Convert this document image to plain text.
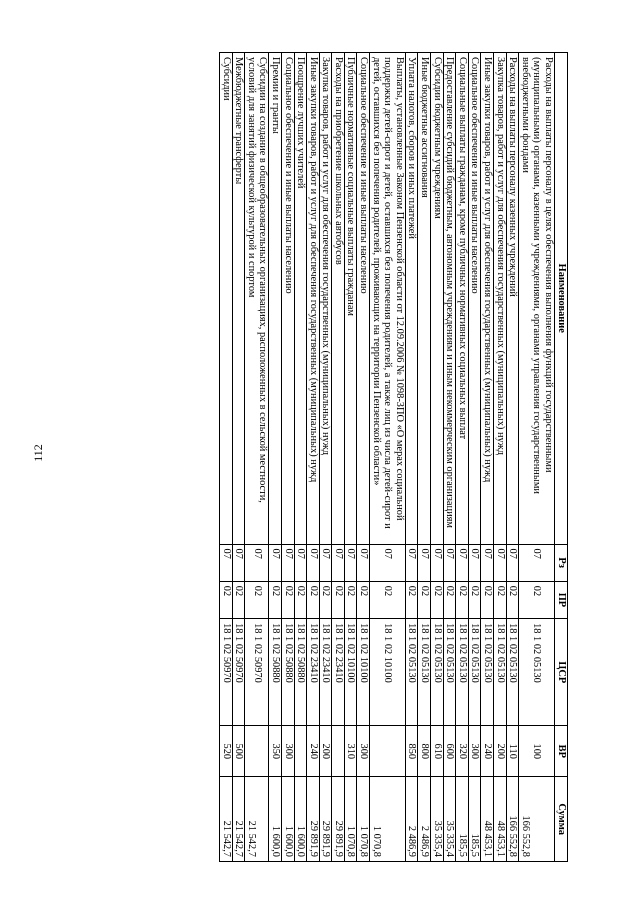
112
Наименование	Рз	ПР	ЦСР	ВР	Сумма
Расходы на выплаты персоналу в целях обеспечения выполнения функций государственными (муниципальными) органами, казенными учреждениями, органами управления государственными внебюджетными фондами	07	02	18 1 02 05130	100	166 552,8
Расходы на выплаты персоналу казенных учреждений	07	02	18 1 02 05130	110	166 552,8
Закупка товаров, работ и услуг для обеспечения государственных (муниципальных) нужд	07	02	18 1 02 05130	200	48 453,1
Иные закупки товаров, работ и услуг для обеспечения государственных (муниципальных) нужд	07	02	18 1 02 05130	240	48 453,1
Социальное обеспечение и иные выплаты населению	07	02	18 1 02 05130	300	185,5
Социальные выплаты гражданам, кроме публичных нормативных социальных выплат	07	02	18 1 02 05130	320	185,5
Предоставление субсидий бюджетным, автономным учреждениям и иным некоммерческим организациям	07	02	18 1 02 05130	600	35 335,4
Субсидии бюджетным учреждениям	07	02	18 1 02 05130	610	35 335,4
Иные бюджетные ассигнования	07	02	18 1 02 05130	800	2 486,9
Уплата налогов, сборов и иных платежей	07	02	18 1 02 05130	850	2 486,9
Выплаты, установленные Законом Пензенской области от 12.09.2006 № 1098-ЗПО «О мерах социальной поддержки детей-сирот и детей, оставшихся без попечения родителей, а также лиц из числа детей-сирот и детей, оставшихся без попечения родителей, проживающих на территории Пензенской области»	07	02	18 1 02 10100		1 070,8
Социальное обеспечение и иные выплаты населению	07	02	18 1 02 10100	300	1 070,8
Публичные нормативные социальные выплаты гражданам	07	02	18 1 02 10100	310	1 070,8
Расходы на приобретение школьных автобусов	07	02	18 1 02 23410		29 891,9
Закупка товаров, работ и услуг для обеспечения государственных (муниципальных) нужд	07	02	18 1 02 23410	200	29 891,9
Иные закупки товаров, работ и услуг для обеспечения государственных (муниципальных) нужд	07	02	18 1 02 23410	240	29 891,9
Поощрение лучших учителей	07	02	18 1 02 50880		1 600,0
Социальное обеспечение и иные выплаты населению	07	02	18 1 02 50880	300	1 600,0
Премии и гранты	07	02	18 1 02 50880	350	1 600,0
Субсидии на создание в общеобразовательных организациях, расположенных в сельской местности, условий для занятий физической культурой и спортом	07	02	18 1 02 50970		21 542,7
Межбюджетные трансферты	07	02	18 1 02 50970	500	21 542,7
Субсидии	07	02	18 1 02 50970	520	21 542,7
